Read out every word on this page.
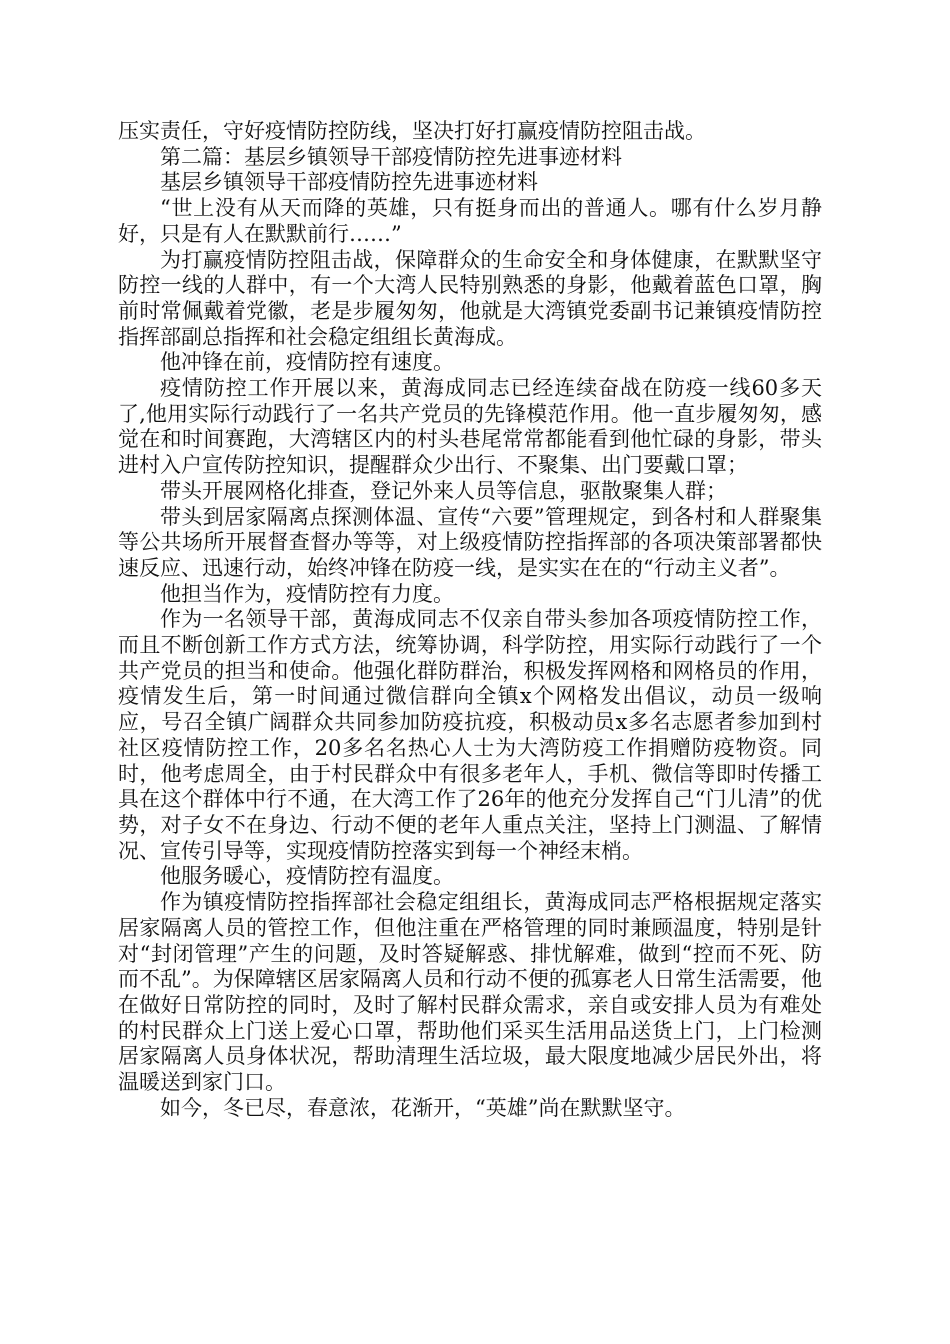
压实责任，守好疫情防控防线，坚决打好打赢疫情防控阻击战。

第二篇：基层乡镇领导干部疫情防控先进事迹材料

基层乡镇领导干部疫情防控先进事迹材料

“世上没有从天而降的英雄，只有挺身而出的普通人。哪有什么岁月静好，只是有人在默默前行……”

为打赢疫情防控阻击战，保障群众的生命安全和身体健康，在默默坚守防控一线的人群中，有一个大湾人民特别熟悉的身影，他戴着蓝色口罩，胸前时常佩戴着党徽，老是步履匆匆，他就是大湾镇党委副书记兼镇疫情防控指挥部副总指挥和社会稳定组组长黄海成。

他冲锋在前，疫情防控有速度。

疫情防控工作开展以来，黄海成同志已经连续奋战在防疫一线60多天了,他用实际行动践行了一名共产党员的先锋模范作用。他一直步履匆匆，感觉在和时间赛跑，大湾辖区内的村头巷尾常常都能看到他忙碌的身影，带头进村入户宣传防控知识，提醒群众少出行、不聚集、出门要戴口罩；

带头开展网格化排查，登记外来人员等信息，驱散聚集人群；

带头到居家隔离点探测体温、宣传“六要”管理规定，到各村和人群聚集等公共场所开展督查督办等等，对上级疫情防控指挥部的各项决策部署都快速反应、迅速行动，始终冲锋在防疫一线，是实实在在的“行动主义者”。

他担当作为，疫情防控有力度。

作为一名领导干部，黄海成同志不仅亲自带头参加各项疫情防控工作，而且不断创新工作方式方法，统筹协调，科学防控，用实际行动践行了一个共产党员的担当和使命。他强化群防群治，积极发挥网格和网格员的作用，疫情发生后，第一时间通过微信群向全镇x个网格发出倡议，动员一级响应，号召全镇广阔群众共同参加防疫抗疫，积极动员x多名志愿者参加到村社区疫情防控工作，20多名名热心人士为大湾防疫工作捐赠防疫物资。同时，他考虑周全，由于村民群众中有很多老年人，手机、微信等即时传播工具在这个群体中行不通，在大湾工作了26年的他充分发挥自己“门儿清”的优势，对子女不在身边、行动不便的老年人重点关注，坚持上门测温、了解情况、宣传引导等，实现疫情防控落实到每一个神经末梢。

他服务暖心，疫情防控有温度。

作为镇疫情防控指挥部社会稳定组组长，黄海成同志严格根据规定落实居家隔离人员的管控工作，但他注重在严格管理的同时兼顾温度，特别是针对“封闭管理”产生的问题，及时答疑解惑、排忧解难，做到“控而不死、防而不乱”。为保障辖区居家隔离人员和行动不便的孤寡老人日常生活需要，他在做好日常防控的同时，及时了解村民群众需求，亲自或安排人员为有难处的村民群众上门送上爱心口罩，帮助他们采买生活用品送货上门，上门检测居家隔离人员身体状况，帮助清理生活垃圾，最大限度地减少居民外出，将温暖送到家门口。

如今，冬已尽，春意浓，花渐开，“英雄”尚在默默坚守。
